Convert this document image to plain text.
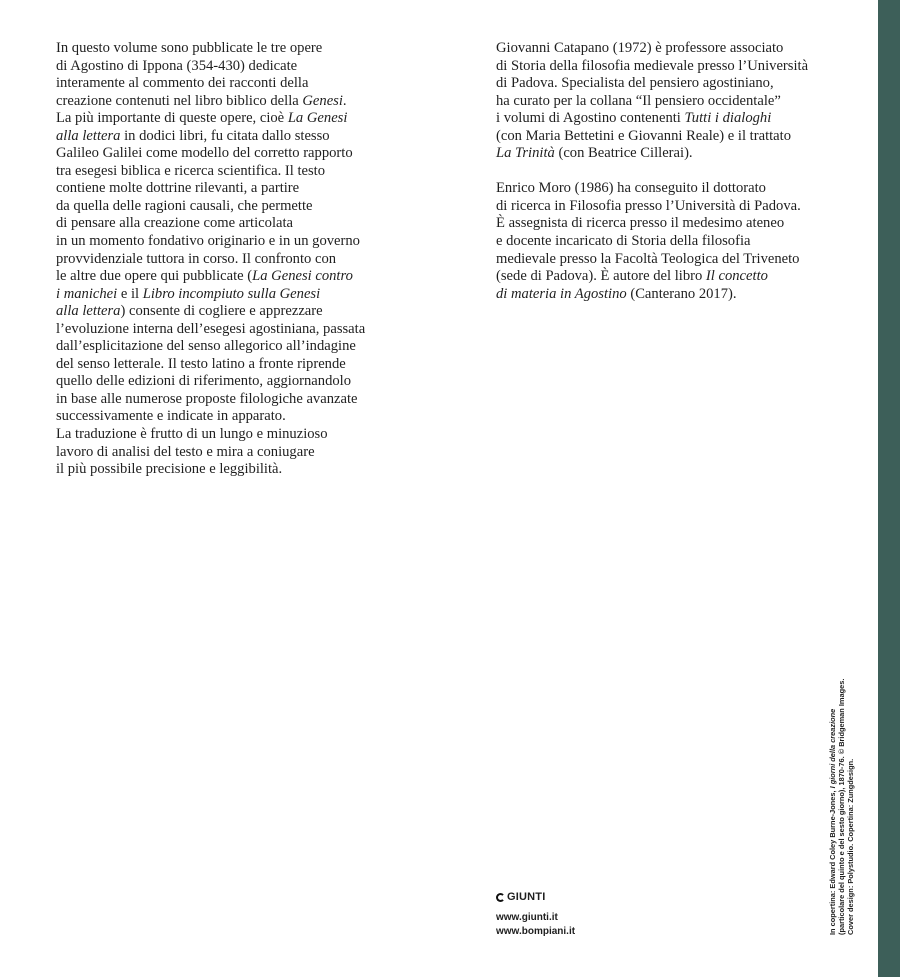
In questo volume sono pubblicate le tre opere
di Agostino di Ippona (354-430) dedicate
interamente al commento dei racconti della
creazione contenuti nel libro biblico della Genesi.
La più importante di queste opere, cioè La Genesi
alla lettera in dodici libri, fu citata dallo stesso
Galileo Galilei come modello del corretto rapporto
tra esegesi biblica e ricerca scientifica. Il testo
contiene molte dottrine rilevanti, a partire
da quella delle ragioni causali, che permette
di pensare alla creazione come articolata
in un momento fondativo originario e in un governo
provvidenziale tuttora in corso. Il confronto con
le altre due opere qui pubblicate (La Genesi contro
i manichei e il Libro incompiuto sulla Genesi
alla lettera) consente di cogliere e apprezzare
l’evoluzione interna dell’esegesi agostiniana, passata
dall’esplicitazione del senso allegorico all’indagine
del senso letterale. Il testo latino a fronte riprende
quello delle edizioni di riferimento, aggiornandolo
in base alle numerose proposte filologiche avanzate
successivamente e indicate in apparato.
La traduzione è frutto di un lungo e minuzioso
lavoro di analisi del testo e mira a coniugare
il più possibile precisione e leggibilità.
Giovanni Catapano (1972) è professore associato
di Storia della filosofia medievale presso l’Università
di Padova. Specialista del pensiero agostiniano,
ha curato per la collana “Il pensiero occidentale”
i volumi di Agostino contenenti Tutti i dialoghi
(con Maria Bettetini e Giovanni Reale) e il trattato
La Trinità (con Beatrice Cillerai).
Enrico Moro (1986) ha conseguito il dottorato
di ricerca in Filosofia presso l’Università di Padova.
È assegnista di ricerca presso il medesimo ateneo
e docente incaricato di Storia della filosofia
medievale presso la Facoltà Teologica del Triveneto
(sede di Padova). È autore del libro Il concetto
di materia in Agostino (Canterano 2017).
GIUNTI
www.giunti.it
www.bompiani.it	In copertina: Edward Coley Burne-Jones, I giorni della creazione (particolare del quinto e del sesto giorno), 1870-76. © Bridgeman Images. Cover design: Polystudio. Copertina: Zungdesign.
